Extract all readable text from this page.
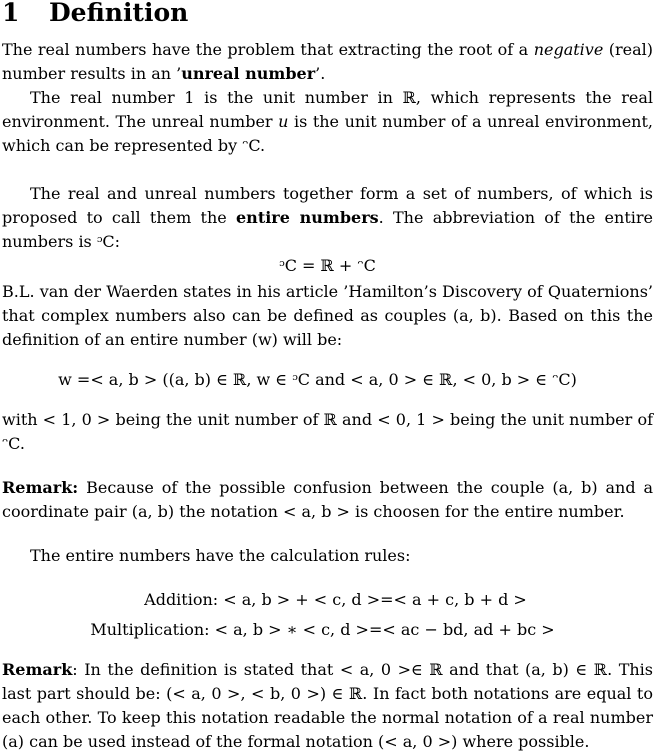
1 Definition

The real numbers have the problem that extracting the root of a negative (real) number results in an ’unreal number’.

The real number 1 is the unit number in ℝ, which represents the real environment. The unreal number u is the unit number of a unreal environment, which can be represented by ᵔC.

The real and unreal numbers together form a set of numbers, of which is proposed to call them the entire numbers. The abbreviation of the entire numbers is ᵓC:

ᵓC = ℝ + ᵔC

B.L. van der Waerden states in his article ’Hamilton’s Discovery of Quaternions’ that complex numbers also can be defined as couples (a, b). Based on this the definition of an entire number (w) will be:

w =< a, b > ((a, b) ∈ ℝ, w ∈ ᵓC and < a, 0 > ∈ ℝ, < 0, b > ∈ ᵔC)

with < 1, 0 > being the unit number of ℝ and < 0, 1 > being the unit number of ᵔC.

Remark: Because of the possible confusion between the couple (a, b) and a coordinate pair (a, b) the notation < a, b > is choosen for the entire number.

The entire numbers have the calculation rules:

Addition: < a, b > + < c, d >=< a + c, b + d >

Multiplication: < a, b > ∗ < c, d >=< ac − bd, ad + bc >

Remark: In the definition is stated that < a, 0 >∈ ℝ and that (a, b) ∈ ℝ. This last part should be: (< a, 0 >, < b, 0 >) ∈ ℝ. In fact both notations are equal to each other. To keep this notation readable the normal notation of a real number (a) can be used instead of the formal notation (< a, 0 >) where possible.
